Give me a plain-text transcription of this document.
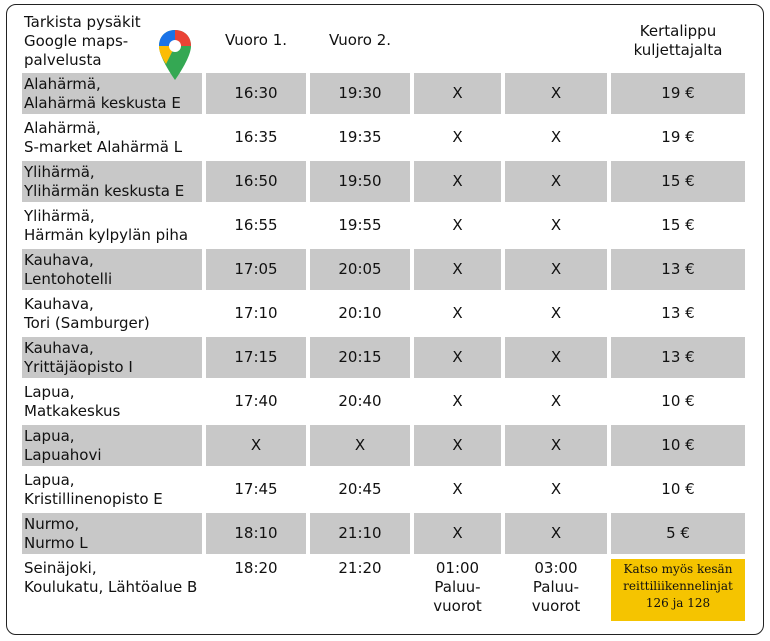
Tarkista pysäkit
Google maps-
palvelusta	Vuoro 1.	Vuoro 2.			Kertalippu
kuljettajalta

Alahärmä,
Alahärmä keskusta E	16:30	19:30	X	X	19 €

Alahärmä,
S-market Alahärmä L	16:35	19:35	X	X	19 €

Ylihärmä,
Ylihärmän keskusta E	16:50	19:50	X	X	15 €

Ylihärmä,
Härmän kylpylän piha	16:55	19:55	X	X	15 €

Kauhava,
Lentohotelli	17:05	20:05	X	X	13 €

Kauhava,
Tori (Samburger)	17:10	20:10	X	X	13 €

Kauhava,
Yrittäjäopisto I	17:15	20:15	X	X	13 €

Lapua,
Matkakeskus	17:40	20:40	X	X	10 €

Lapua,
Lapuahovi	X	X	X	X	10 €

Lapua,
Kristillinenopisto E	17:45	20:45	X	X	10 €

Nurmo,
Nurmo L	18:10	21:10	X	X	5 €

Seinäjoki,
Koulukatu, Lähtöalue B	18:20	21:20	01:00
Paluu-
vuorot	03:00
Paluu-
vuorot	Katso myös kesän
reittiliikennelinjat
126 ja 128
